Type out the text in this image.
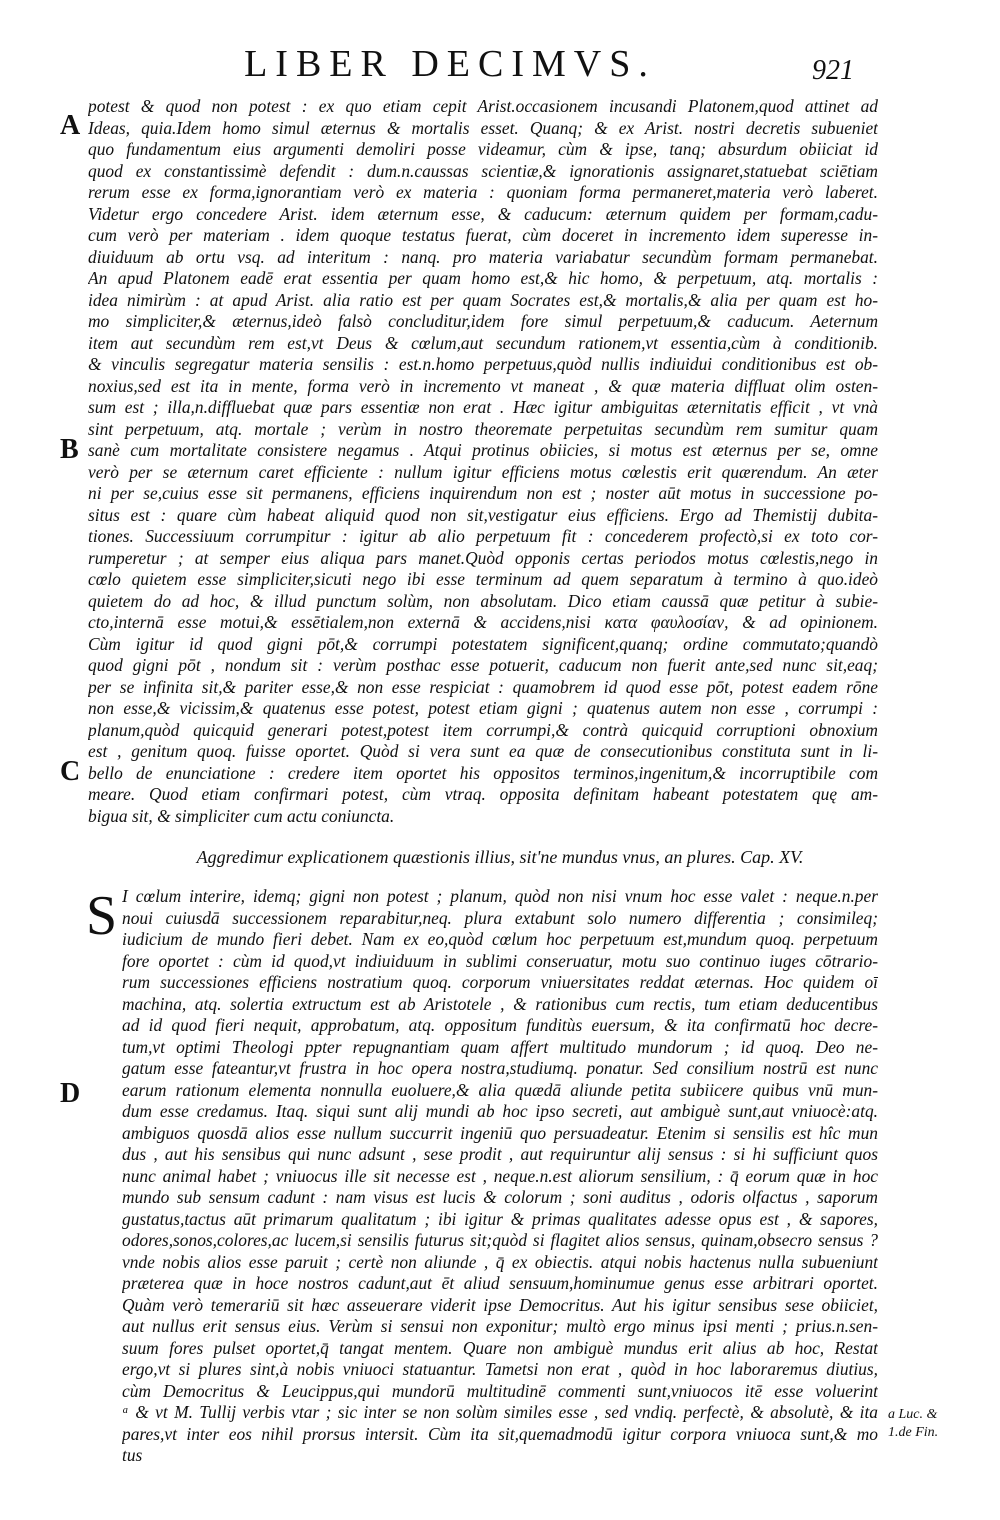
LIBER DECIMVS.	921
A
B
C
D
potest & quod non potest : ex quo etiam cepit Arist.occasionem incusandi Platonem,quod attinet ad
Ideas, quia.Idem homo simul æternus & mortalis esset. Quanq; & ex Arist. nostri decretis subueniet
quo fundamentum eius argumenti demoliri posse videamur, cùm & ipse, tanq; absurdum obiiciat id
quod ex constantissimè defendit : dum.n.caussas scientiæ,& ignorationis assignaret,statuebat sciētiam
rerum esse ex forma,ignorantiam verò ex materia : quoniam forma permaneret,materia verò laberet.
Videtur ergo concedere Arist. idem æternum esse, & caducum: æternum quidem per formam,cadu-
cum verò per materiam . idem quoque testatus fuerat, cùm doceret in incremento idem superesse in-
diuiduum ab ortu vsq. ad interitum : nanq. pro materia variabatur secundùm formam permanebat.
An apud Platonem eadē erat essentia per quam homo est,& hic homo, & perpetuum, atq. mortalis :
idea nimirùm : at apud Arist. alia ratio est per quam Socrates est,& mortalis,& alia per quam est ho-
mo simpliciter,& æternus,ideò falsò concluditur,idem fore simul perpetuum,& caducum. Aeternum
item aut secundùm rem est,vt Deus & cœlum,aut secundum rationem,vt essentia,cùm à conditionib.
& vinculis segregatur materia sensilis : est.n.homo perpetuus,quòd nullis indiuidui conditionibus est ob-
noxius,sed est ita in mente, forma verò in incremento vt maneat , & quæ materia diffluat olim osten-
sum est ; illa,n.diffluebat quæ pars essentiæ non erat . Hæc igitur ambiguitas æternitatis efficit , vt vnà
sint perpetuum, atq. mortale ; verùm in nostro theoremate perpetuitas secundùm rem sumitur quam
sanè cum mortalitate consistere negamus . Atqui protinus obiicies, si motus est æternus per se, omne
verò per se æternum caret efficiente : nullum igitur efficiens motus cœlestis erit quærendum. An æter
ni per se,cuius esse sit permanens, efficiens inquirendum non est ; noster aūt motus in successione po-
situs est : quare cùm habeat aliquid quod non sit,vestigatur eius efficiens. Ergo ad Themistij dubita-
tiones. Successiuum corrumpitur : igitur ab alio perpetuum fit : concederem profectò,si ex toto cor-
rumperetur ; at semper eius aliqua pars manet.Quòd opponis certas periodos motus cœlestis,nego in
cœlo quietem esse simpliciter,sicuti nego ibi esse terminum ad quem separatum à termino à quo.ideò
quietem do ad hoc, & illud punctum solùm, non absolutam. Dico etiam caussā quæ petitur à subie-
cto,internā esse motui,& essētialem,non externā & accidens,nisi κατα φαυλοσίαν, & ad opinionem.
Cùm igitur id quod gigni pōt,& corrumpi potestatem significent,quanq; ordine commutato;quandò
quod gigni pōt , nondum sit : verùm posthac esse potuerit, caducum non fuerit ante,sed nunc sit,eaq;
per se infinita sit,& pariter esse,& non esse respiciat : quamobrem id quod esse pōt, potest eadem rōne
non esse,& vicissim,& quatenus esse potest, potest etiam gigni ; quatenus autem non esse , corrumpi :
planum,quòd quicquid generari potest,potest item corrumpi,& contrà quicquid corruptioni obnoxium
est , genitum quoq. fuisse oportet. Quòd si vera sunt ea quæ de consecutionibus constituta sunt in li-
bello de enunciatione : credere item oportet his oppositos terminos,ingenitum,& incorruptibile com
meare. Quod etiam confirmari potest, cùm vtraq. opposita definitam habeant potestatem quę am-
bigua sit, & simpliciter cum actu coniuncta.
Aggredimur explicationem quæstionis illius, sit'ne mundus vnus, an plures. Cap. XV.
S I cœlum interire, idemq; gigni non potest ; planum, quòd non nisi vnum hoc esse valet : neque.n.per
noui cuiusdā successionem reparabitur,neq. plura extabunt solo numero differentia ; consimileq;
iudicium de mundo fieri debet. Nam ex eo,quòd cœlum hoc perpetuum est,mundum quoq. perpetuum
fore oportet : cùm id quod,vt indiuiduum in sublimi conseruatur, motu suo continuo iuges cōtrario-
rum successiones efficiens nostratium quoq. corporum vniuersitates reddat æternas. Hoc quidem oī
machina, atq. solertia extructum est ab Aristotele , & rationibus cum rectis, tum etiam deducentibus
ad id quod fieri nequit, approbatum, atq. oppositum funditùs euersum, & ita confirmatū hoc decre-
tum,vt optimi Theologi ppter repugnantiam quam affert multitudo mundorum ; id quoq. Deo ne-
gatum esse fateantur,vt frustra in hoc opera nostra,studiumq. ponatur. Sed consilium nostrū est nunc
earum rationum elementa nonnulla euoluere,& alia quædā aliunde petita subiicere quibus vnū mun-
dum esse credamus. Itaq. siqui sunt alij mundi ab hoc ipso secreti, aut ambiguè sunt,aut vniuocè:atq.
ambiguos quosdā alios esse nullum succurrit ingeniū quo persuadeatur. Etenim si sensilis est hîc mun
dus , aut his sensibus qui nunc adsunt , sese prodit , aut requiruntur alij sensus : si hi sufficiunt quos
nunc animal habet ; vniuocus ille sit necesse est , neque.n.est aliorum sensilium, : q̄ eorum quæ in hoc
mundo sub sensum cadunt : nam visus est lucis & colorum ; soni auditus , odoris olfactus , saporum
gustatus,tactus aūt primarum qualitatum ; ibi igitur & primas qualitates adesse opus est , & sapores,
odores,sonos,colores,ac lucem,si sensilis futurus sit;quòd si flagitet alios sensus, quinam,obsecro sensus ?
vnde nobis alios esse paruit ; certè non aliunde , q̄ ex obiectis. atqui nobis hactenus nulla subueniunt
præterea quæ in hoce nostros cadunt,aut ēt aliud sensuum,hominumue genus esse arbitrari oportet.
Quàm verò temerariū sit hæc asseuerare viderit ipse Democritus. Aut his igitur sensibus sese obiiciet,
aut nullus erit sensus eius. Verùm si sensui non exponitur; multò ergo minus ipsi menti ; prius.n.sen-
suum fores pulset oportet,q̄ tangat mentem. Quare non ambiguè mundus erit alius ab hoc, Restat
ergo,vt si plures sint,à nobis vniuoci statuantur. Tametsi non erat , quòd in hoc laboraremus diutius,
cùm Democritus & Leucippus,qui mundorū multitudinē commenti sunt,vniuocos itē esse voluerint
ᵃ & vt M. Tullij verbis vtar ; sic inter se non solùm similes esse , sed vndiq. perfectè, & absolutè, & ita
pares,vt inter eos nihil prorsus intersit. Cùm ita sit,quemadmodū igitur corpora vniuoca sunt,& mo
tus
a Luc. &
1.de Fin.
